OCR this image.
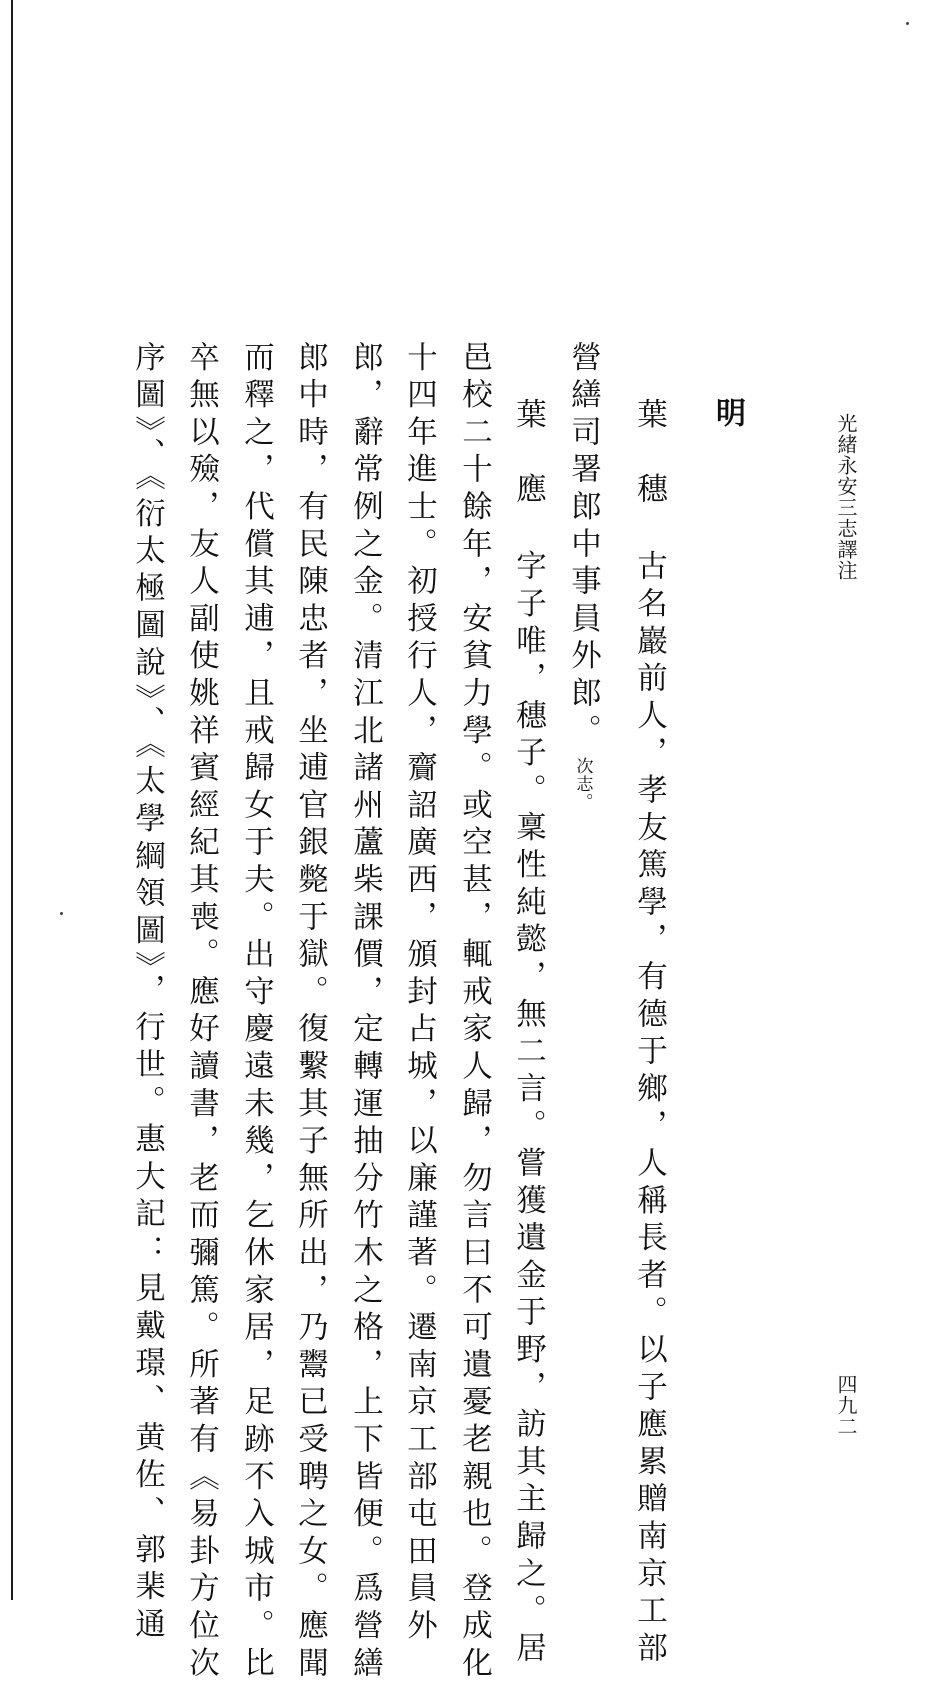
光緒永安三志譯注
四九二
明
葉　穗古名巖前人，孝友篤學，有德于鄉，人稱長者。以子應累贈南京工部
營繕司署郎中事員外郎。次志。
葉　應字子唯，穗子。稟性純懿，無二言。嘗獲遺金于野，訪其主歸之。居
邑校二十餘年，安貧力學。或空甚，輒戒家人歸，勿言曰不可遺憂老親也。登成化
十四年進士。初授行人，齎詔廣西，頒封占城，以廉謹著。遷南京工部屯田員外
郎，辭常例之金。清江北諸州蘆柴課價，定轉運抽分竹木之格，上下皆便。爲營繕
郎中時，有民陳忠者，坐逋官銀斃于獄。復繫其子無所出，乃鬻已受聘之女。應聞
而釋之，代償其逋，且戒歸女于夫。出守慶遠未幾，乞休家居，足跡不入城市。比
卒無以殮，友人副使姚祥賓經紀其喪。應好讀書，老而彌篤。所著有《易卦方位次
序圖》、《衍太極圖說》、《太學綱領圖》，行世。惠大記：見戴璟、黄佐、郭棐通
